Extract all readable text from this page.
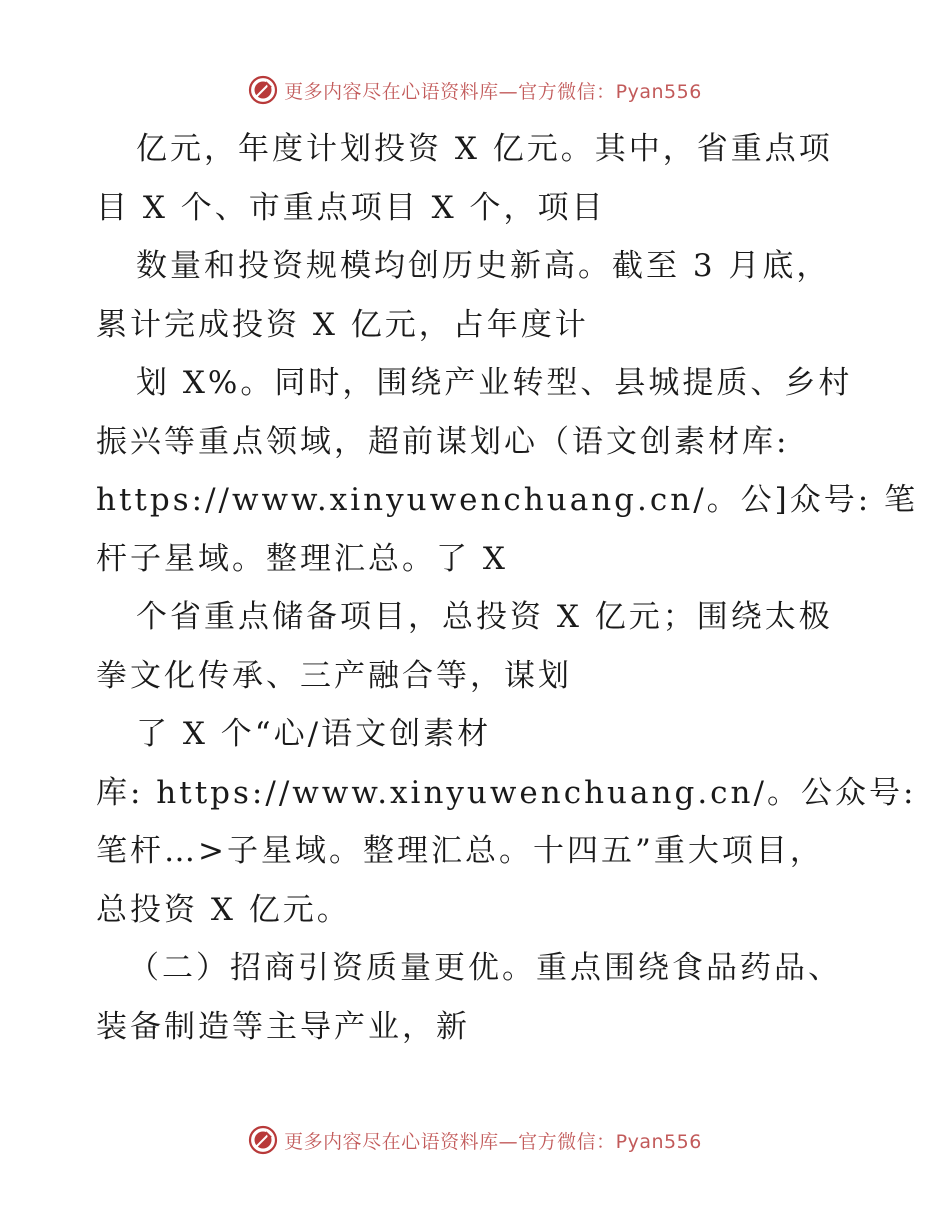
更多内容尽在心语资料库—官方微信：Pyan556
亿元，年度计划投资 X 亿元。其中，省重点项
目 X 个、市重点项目 X 个，项目
数量和投资规模均创历史新高。截至 3 月底，
累计完成投资 X 亿元，占年度计
划 X%。同时，围绕产业转型、县城提质、乡村
振兴等重点领域，超前谋划心（语文创素材库:
https://www.xinyuwenchuang.cn/。公]众号: 笔
杆子星域。整理汇总。了 X
个省重点储备项目，总投资 X 亿元；围绕太极
拳文化传承、三产融合等，谋划
了 X 个“心/语文创素材
库: https://www.xinyuwenchuang.cn/。公众号:
笔杆…>子星域。整理汇总。十四五”重大项目，
总投资 X 亿元。
（二）招商引资质量更优。重点围绕食品药品、
装备制造等主导产业，新
更多内容尽在心语资料库—官方微信：Pyan556
